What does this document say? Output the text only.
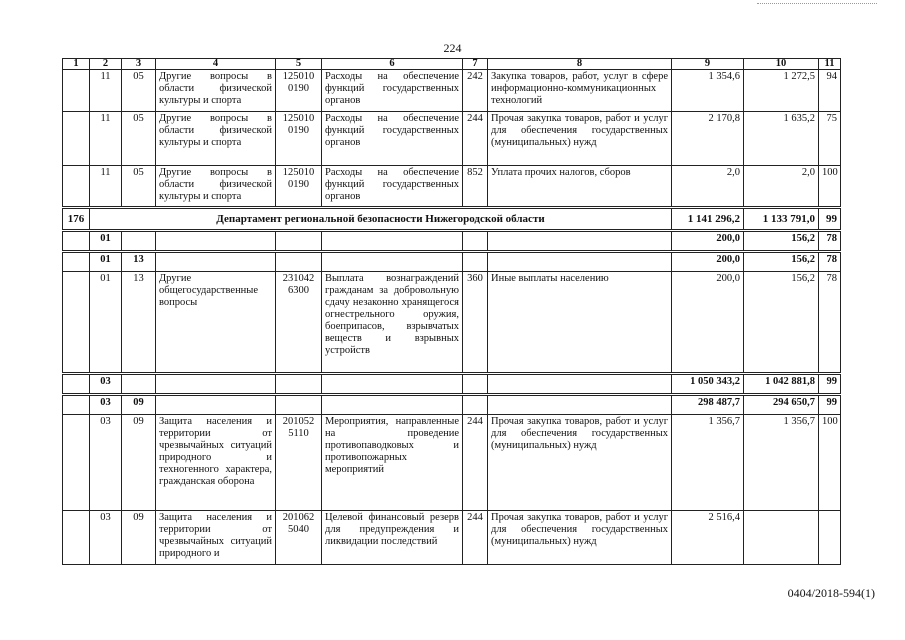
224
1	2	3	4	5	6	7	8	9	10	11
	11	05	Другие вопросы в области физической культуры и спорта	125010 0190	Расходы на обеспечение функций государственных органов	242	Закупка товаров, работ, услуг в сфере информационно-коммуникационных технологий	1 354,6	1 272,5	94
	11	05	Другие вопросы в области физической культуры и спорта	125010 0190	Расходы на обеспечение функций государственных органов	244	Прочая закупка товаров, работ и услуг для обеспечения государственных (муниципальных) нужд	2 170,8	1 635,2	75
	11	05	Другие вопросы в области физической культуры и спорта	125010 0190	Расходы на обеспечение функций государственных органов	852	Уплата прочих налогов, сборов	2,0	2,0	100
176	Департамент региональной безопасности Нижегородской области							1 141 296,2	1 133 791,0	99
	01							200,0	156,2	78
	01	13						200,0	156,2	78
	01	13	Другие общегосударственные вопросы	231042 6300	Выплата вознаграждений гражданам за добровольную сдачу незаконно хранящегося огнестрельного оружия, боеприпасов, взрывчатых веществ и взрывных устройств	360	Иные выплаты населению	200,0	156,2	78
	03							1 050 343,2	1 042 881,8	99
	03	09						298 487,7	294 650,7	99
	03	09	Защита населения и территории от чрезвычайных ситуаций природного и техногенного характера, гражданская оборона	201052 5110	Мероприятия, направленные на проведение противопаводковых и противопожарных мероприятий	244	Прочая закупка товаров, работ и услуг для обеспечения государственных (муниципальных) нужд	1 356,7	1 356,7	100
	03	09	Защита населения и территории от чрезвычайных ситуаций природного и	201062 5040	Целевой финансовый резерв для предупреждения и ликвидации последствий	244	Прочая закупка товаров, работ и услуг для обеспечения государственных (муниципальных) нужд	2 516,4		
0404/2018-594(1)
